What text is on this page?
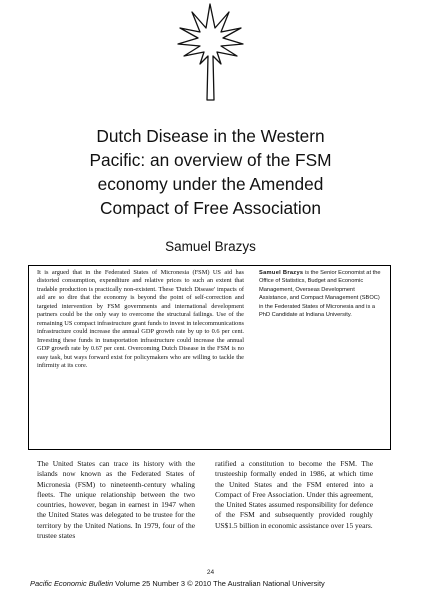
Dutch Disease in the Western
Pacific: an overview of the FSM
economy under the Amended
Compact of Free Association
Samuel Brazys

It is argued that in the Federated States of Micronesia (FSM) US aid has distorted consumption, expenditure and relative prices to such an extent that tradable production is practically non-existent. These 'Dutch Disease' impacts of aid are so dire that the economy is beyond the point of self-correction and targeted intervention by FSM governments and international development partners could be the only way to overcome the structural failings. Use of the remaining US compact infrastructure grant funds to invest in telecommunications infrastructure could increase the annual GDP growth rate by up to 0.6 per cent. Investing these funds in transportation infrastructure could increase the annual GDP growth rate by 0.67 per cent. Overcoming Dutch Disease in the FSM is no easy task, but ways forward exist for policymakers who are willing to tackle the infirmity at its core.

Samuel Brazys is the Senior Economist at the Office of Statistics, Budget and Economic Management, Overseas Development Assistance, and Compact Management (SBOC) in the Federated States of Micronesia and is a PhD Candidate at Indiana University.

The United States can trace its history with the islands now known as the Federated States of Micronesia (FSM) to nineteenth-century whaling fleets. The unique relationship between the two countries, however, began in earnest in 1947 when the United States was delegated to be trustee for the territory by the United Nations. In 1979, four of the trustee states

ratified a constitution to become the FSM. The trusteeship formally ended in 1986, at which time the United States and the FSM entered into a Compact of Free Association. Under this agreement, the United States assumed responsibility for defence of the FSM and subsequently provided roughly US$1.5 billion in economic assistance over 15 years.

24
Pacific Economic Bulletin Volume 25 Number 3 © 2010 The Australian National University
